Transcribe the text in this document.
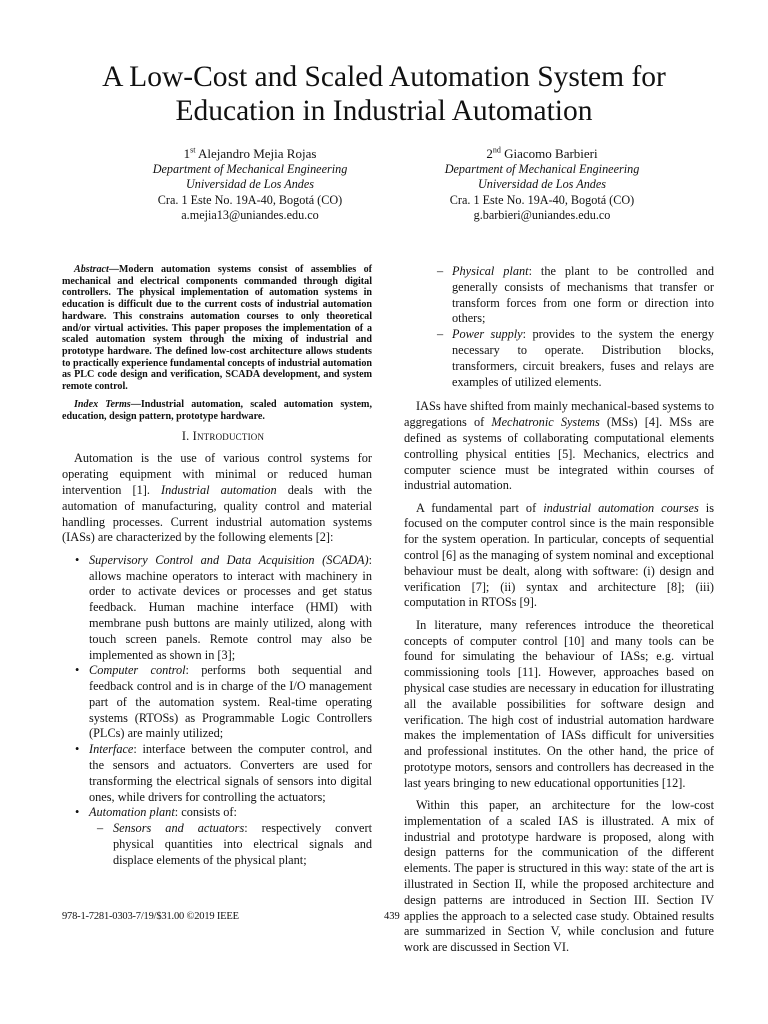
A Low-Cost and Scaled Automation System for
Education in Industrial Automation
1st Alejandro Mejia Rojas
Department of Mechanical Engineering
Universidad de Los Andes
Cra. 1 Este No. 19A-40, Bogotá (CO)
a.mejia13@uniandes.edu.co
2nd Giacomo Barbieri
Department of Mechanical Engineering
Universidad de Los Andes
Cra. 1 Este No. 19A-40, Bogotá (CO)
g.barbieri@uniandes.edu.co

Abstract—Modern automation systems consist of assemblies of mechanical and electrical components commanded through digital controllers. The physical implementation of automation systems in education is difficult due to the current costs of industrial automation hardware. This constrains automation courses to only theoretical and/or virtual activities. This paper proposes the implementation of a scaled automation system through the mixing of industrial and prototype hardware. The defined low-cost architecture allows students to practically experience fundamental concepts of industrial automation as PLC code design and verification, SCADA development, and system remote control.

Index Terms—Industrial automation, scaled automation system, education, design pattern, prototype hardware.

I. Introduction

Automation is the use of various control systems for operating equipment with minimal or reduced human intervention [1]. Industrial automation deals with the automation of manufacturing, quality control and material handling processes. Current industrial automation systems (IASs) are characterized by the following elements [2]:

• Supervisory Control and Data Acquisition (SCADA): allows machine operators to interact with machinery in order to activate devices or processes and get status feedback. Human machine interface (HMI) with membrane push buttons are mainly utilized, along with touch screen panels. Remote control may also be implemented as shown in [3];
• Computer control: performs both sequential and feedback control and is in charge of the I/O management part of the automation system. Real-time operating systems (RTOSs) as Programmable Logic Controllers (PLCs) are mainly utilized;
• Interface: interface between the computer control, and the sensors and actuators. Converters are used for transforming the electrical signals of sensors into digital ones, while drivers for controlling the actuators;
• Automation plant: consists of:
– Sensors and actuators: respectively convert physical quantities into electrical signals and displace elements of the physical plant;
– Physical plant: the plant to be controlled and generally consists of mechanisms that transfer or transform forces from one form or direction into others;
– Power supply: provides to the system the energy necessary to operate. Distribution blocks, transformers, circuit breakers, fuses and relays are examples of utilized elements.

IASs have shifted from mainly mechanical-based systems to aggregations of Mechatronic Systems (MSs) [4]. MSs are defined as systems of collaborating computational elements controlling physical entities [5]. Mechanics, electrics and computer science must be integrated within courses of industrial automation.

A fundamental part of industrial automation courses is focused on the computer control since is the main responsible for the system operation. In particular, concepts of sequential control [6] as the managing of system nominal and exceptional behaviour must be dealt, along with software: (i) design and verification [7]; (ii) syntax and architecture [8]; (iii) computation in RTOSs [9].

In literature, many references introduce the theoretical concepts of computer control [10] and many tools can be found for simulating the behaviour of IASs; e.g. virtual commissioning tools [11]. However, approaches based on physical case studies are necessary in education for illustrating all the available possibilities for software design and verification. The high cost of industrial automation hardware makes the implementation of IASs difficult for universities and professional institutes. On the other hand, the price of prototype motors, sensors and controllers has decreased in the last years bringing to new educational opportunities [12].

Within this paper, an architecture for the low-cost implementation of a scaled IAS is illustrated. A mix of industrial and prototype hardware is proposed, along with design patterns for the communication of the different elements. The paper is structured in this way: state of the art is illustrated in Section II, while the proposed architecture and design patterns are introduced in Section III. Section IV applies the approach to a selected case study. Obtained results are summarized in Section V, while conclusion and future work are discussed in Section VI.

978-1-7281-0303-7/19/$31.00 ©2019 IEEE	439
